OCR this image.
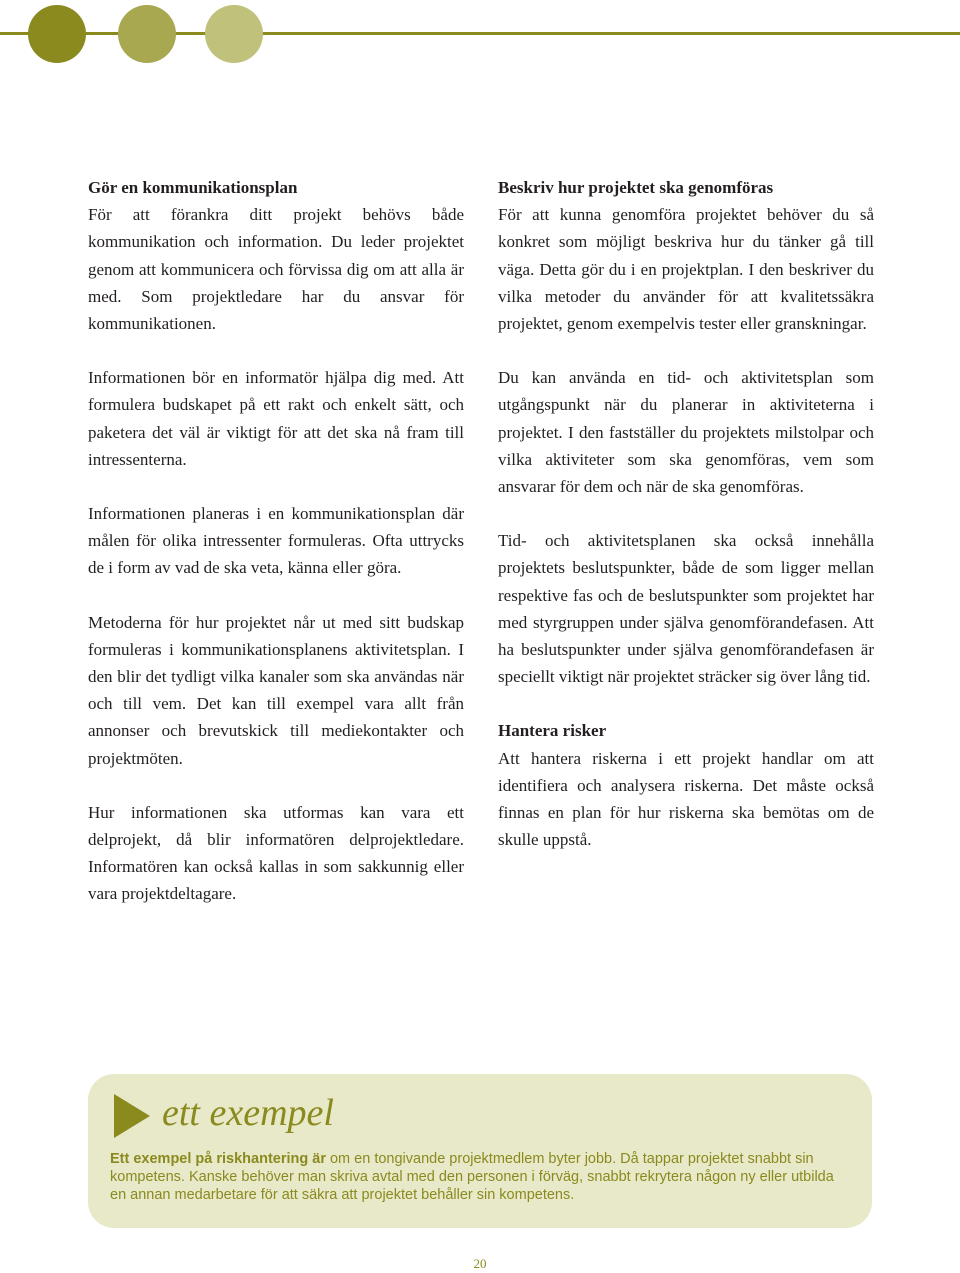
Gör en kommunikationsplan

För att förankra ditt projekt behövs både kommunikation och information. Du leder projektet genom att kommunicera och förvissa dig om att alla är med. Som projektledare har du ansvar för kommunikationen.

Informationen bör en informatör hjälpa dig med. Att formulera budskapet på ett rakt och enkelt sätt, och paketera det väl är viktigt för att det ska nå fram till intressenterna.

Informationen planeras i en kommunikationsplan där målen för olika intressenter formuleras. Ofta uttrycks de i form av vad de ska veta, känna eller göra.

Metoderna för hur projektet når ut med sitt budskap formuleras i kommunikationsplanens aktivitetsplan. I den blir det tydligt vilka kanaler som ska användas när och till vem. Det kan till exempel vara allt från annonser och brevutskick till mediekontakter och projektmöten.

Hur informationen ska utformas kan vara ett delprojekt, då blir informatören delprojektledare. Informatören kan också kallas in som sakkunnig eller vara projektdeltagare.

Beskriv hur projektet ska genomföras

För att kunna genomföra projektet behöver du så konkret som möjligt beskriva hur du tänker gå till väga. Detta gör du i en projektplan. I den beskriver du vilka metoder du använder för att kvalitetssäkra projektet, genom exempelvis tester eller granskningar.

Du kan använda en tid- och aktivitetsplan som utgångspunkt när du planerar in aktiviteterna i projektet. I den fastställer du projektets milstolpar och vilka aktiviteter som ska genomföras, vem som ansvarar för dem och när de ska genomföras.

Tid- och aktivitetsplanen ska också innehålla projektets beslutspunkter, både de som ligger mellan respektive fas och de beslutspunkter som projektet har med styrgruppen under själva genomförandefasen. Att ha beslutspunkter under själva genomförandefasen är speciellt viktigt när projektet sträcker sig över lång tid.

Hantera risker

Att hantera riskerna i ett projekt handlar om att identifiera och analysera riskerna. Det måste också finnas en plan för hur riskerna ska bemötas om de skulle uppstå.

ett exempel
Ett exempel på riskhantering är om en tongivande projektmedlem byter jobb. Då tappar projektet snabbt sin kompetens. Kanske behöver man skriva avtal med den personen i förväg, snabbt rekrytera någon ny eller utbilda en annan medarbetare för att säkra att projektet behåller sin kompetens.
20
